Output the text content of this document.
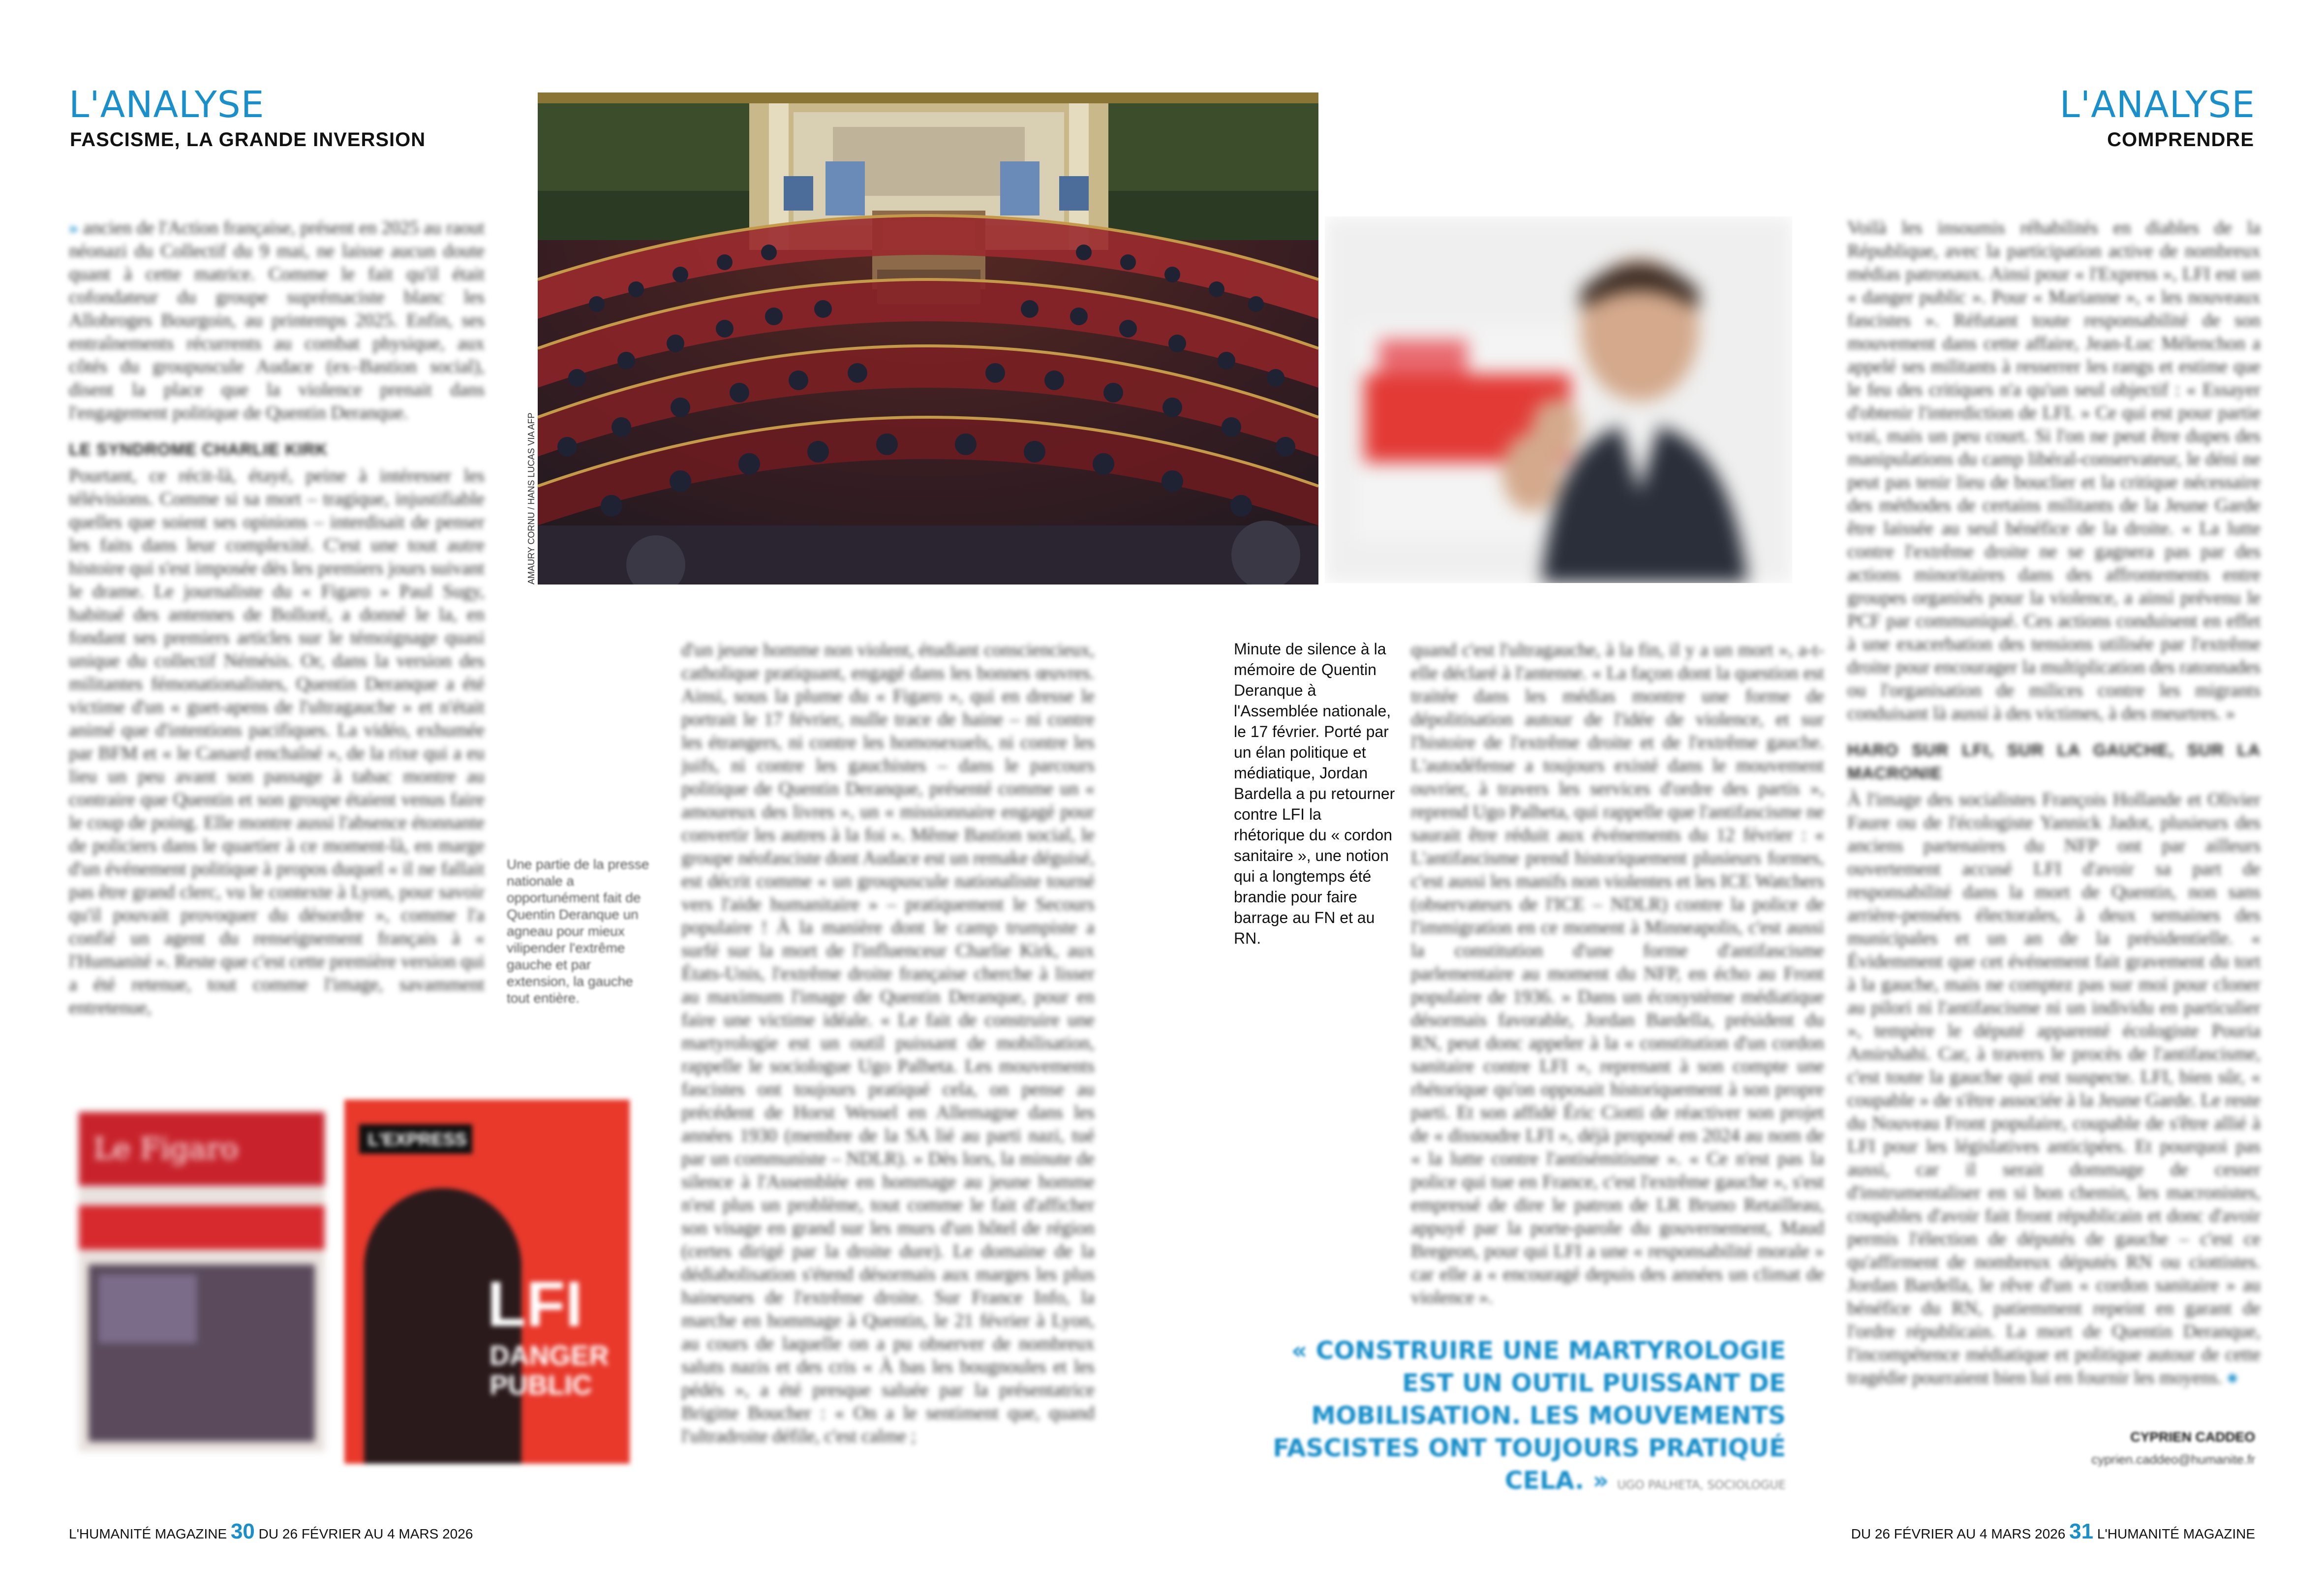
L'ANALYSE
FASCISME, LA GRANDE INVERSION

» ancien de l'Action française, présent en 2025 au raout néonazi du Collectif du 9 mai, ne laisse aucun doute quant à cette matrice. Comme le fait qu'il était cofondateur du groupe suprémaciste blanc les Allobroges Bourgoin, au printemps 2025. Enfin, ses entraînements récurrents au combat physique, aux côtés du groupuscule Audace (ex–Bastion social), disent la place que la violence prenait dans l'engagement politique de Quentin Deranque.

LE SYNDROME CHARLIE KIRK

Pourtant, ce récit-là, étayé, peine à intéresser les télévisions. Comme si sa mort – tragique, injustifiable quelles que soient ses opinions – interdisait de penser les faits dans leur complexité. C'est une tout autre histoire qui s'est imposée dès les premiers jours suivant le drame. Le journaliste du « Figaro » Paul Sugy, habitué des antennes de Bolloré, a donné le la, en fondant ses premiers articles sur le témoignage quasi unique du collectif Némésis. Or, dans la version des militantes fémonationalistes, Quentin Deranque a été victime d'un « guet-apens de l'ultragauche » et n'était animé que d'intentions pacifiques. La vidéo, exhumée par BFM et « le Canard enchaîné », de la rixe qui a eu lieu un peu avant son passage à tabac montre au contraire que Quentin et son groupe étaient venus faire le coup de poing. Elle montre aussi l'absence étonnante de policiers dans le quartier à ce moment-là, en marge d'un événement politique à propos duquel « il ne fallait pas être grand clerc, vu le contexte à Lyon, pour savoir qu'il pouvait provoquer du désordre », comme l'a confié un agent du renseignement français à « l'Humanité ». Reste que c'est cette première version qui a été retenue, tout comme l'image, savamment entretenue,

AMAURY CORNU / HANS LUCAS VIA AFP
Une partie de la presse nationale a opportunément fait de Quentin Deranque un agneau pour mieux vilipender l'extrême gauche et par extension, la gauche tout entière.

d'un jeune homme non violent, étudiant consciencieux, catholique pratiquant, engagé dans les bonnes œuvres. Ainsi, sous la plume du « Figaro », qui en dresse le portrait le 17 février, nulle trace de haine – ni contre les étrangers, ni contre les homosexuels, ni contre les juifs, ni contre les gauchistes – dans le parcours politique de Quentin Deranque, présenté comme un « amoureux des livres », un « missionnaire engagé pour convertir les autres à la foi ». Même Bastion social, le groupe néofasciste dont Audace est un remake déguisé, est décrit comme « un groupuscule nationaliste tourné vers l'aide humanitaire » – pratiquement le Secours populaire ! À la manière dont le camp trumpiste a surfé sur la mort de l'influenceur Charlie Kirk, aux États-Unis, l'extrême droite française cherche à lisser au maximum l'image de Quentin Deranque, pour en faire une victime idéale. « Le fait de construire une martyrologie est un outil puissant de mobilisation, rappelle le sociologue Ugo Palheta. Les mouvements fascistes ont toujours pratiqué cela, on pense au précédent de Horst Wessel en Allemagne dans les années 1930 (membre de la SA lié au parti nazi, tué par un communiste – NDLR). » Dès lors, la minute de silence à l'Assemblée en hommage au jeune homme n'est plus un problème, tout comme le fait d'afficher son visage en grand sur les murs d'un hôtel de région (certes dirigé par la droite dure). Le domaine de la dédiabolisation s'étend désormais aux marges les plus haineuses de l'extrême droite. Sur France Info, la marche en hommage à Quentin, le 21 février à Lyon, au cours de laquelle on a pu observer de nombreux saluts nazis et des cris « À bas les bougnoules et les pédés », a été presque saluée par la présentatrice Brigitte Boucher : « On a le sentiment que, quand l'ultradroite défile, c'est calme ;

Le Figaro	L'EXPRESS
LFI
DANGER PUBLIC
L'HUMANITÉ MAGAZINE 30 DU 26 FÉVRIER AU 4 MARS 2026
L'ANALYSE
COMPRENDRE
Minute de silence à la mémoire de Quentin Deranque à l'Assemblée nationale, le 17 février. Porté par un élan politique et médiatique, Jordan Bardella a pu retourner contre LFI la rhétorique du « cordon sanitaire », une notion qui a longtemps été brandie pour faire barrage au FN et au RN.

quand c'est l'ultragauche, à la fin, il y a un mort », a-t-elle déclaré à l'antenne. « La façon dont la question est traitée dans les médias montre une forme de dépolitisation autour de l'idée de violence, et sur l'histoire de l'extrême droite et de l'extrême gauche. L'autodéfense a toujours existé dans le mouvement ouvrier, à travers les services d'ordre des partis », reprend Ugo Palheta, qui rappelle que l'antifascisme ne saurait être réduit aux événements du 12 février : « L'antifascisme prend historiquement plusieurs formes, c'est aussi les manifs non violentes et les ICE Watchers (observateurs de l'ICE – NDLR) contre la police de l'immigration en ce moment à Minneapolis, c'est aussi la constitution d'une forme d'antifascisme parlementaire au moment du NFP, en écho au Front populaire de 1936. » Dans un écosystème médiatique désormais favorable, Jordan Bardella, président du RN, peut donc appeler à la « constitution d'un cordon sanitaire contre LFI », reprenant à son compte une rhétorique qu'on opposait historiquement à son propre parti. Et son affidé Éric Ciotti de réactiver son projet de « dissoudre LFI », déjà proposé en 2024 au nom de « la lutte contre l'antisémitisme ». « Ce n'est pas la police qui tue en France, c'est l'extrême gauche », s'est empressé de dire le patron de LR Bruno Retailleau, appuyé par la porte-parole du gouvernement, Maud Bregeon, pour qui LFI a une « responsabilité morale » car elle a « encouragé depuis des années un climat de violence ».

« CONSTRUIRE UNE MARTYROLOGIE EST UN OUTIL PUISSANT DE MOBILISATION. LES MOUVEMENTS FASCISTES ONT TOUJOURS PRATIQUÉ CELA. » UGO PALHETA, SOCIOLOGUE

Voilà les insoumis réhabilités en diables de la République, avec la participation active de nombreux médias patronaux. Ainsi pour « l'Express », LFI est un « danger public ». Pour « Marianne », « les nouveaux fascistes ». Réfutant toute responsabilité de son mouvement dans cette affaire, Jean-Luc Mélenchon a appelé ses militants à resserrer les rangs et estime que le feu des critiques n'a qu'un seul objectif : « Essayer d'obtenir l'interdiction de LFI. » Ce qui est pour partie vrai, mais un peu court. Si l'on ne peut être dupes des manipulations du camp libéral-conservateur, le déni ne peut pas tenir lieu de bouclier et la critique nécessaire des méthodes de certains militants de la Jeune Garde être laissée au seul bénéfice de la droite. « La lutte contre l'extrême droite ne se gagnera pas par des actions minoritaires dans des affrontements entre groupes organisés pour la violence, a ainsi prévenu le PCF par communiqué. Ces actions conduisent en effet à une exacerbation des tensions utilisée par l'extrême droite pour encourager la multiplication des ratonnades ou l'organisation de milices contre les migrants conduisant là aussi à des victimes, à des meurtres. »

HARO SUR LFI, SUR LA GAUCHE, SUR LA MACRONIE

À l'image des socialistes François Hollande et Olivier Faure ou de l'écologiste Yannick Jadot, plusieurs des anciens partenaires du NFP ont par ailleurs ouvertement accusé LFI d'avoir sa part de responsabilité dans la mort de Quentin, non sans arrière-pensées électorales, à deux semaines des municipales et un an de la présidentielle. « Évidemment que cet événement fait gravement du tort à la gauche, mais ne comptez pas sur moi pour cloner au pilori ni l'antifascisme ni un individu en particulier », tempère le député apparenté écologiste Pouria Amirshahi. Car, à travers le procès de l'antifascisme, c'est toute la gauche qui est suspecte. LFI, bien sûr, « coupable » de s'être associée à la Jeune Garde. Le reste du Nouveau Front populaire, coupable de s'être allié à LFI pour les législatives anticipées. Et pourquoi pas aussi, car il serait dommage de cesser d'instrumentaliser en si bon chemin, les macronistes, coupables d'avoir fait front républicain et donc d'avoir permis l'élection de députés de gauche – c'est ce qu'affirment de nombreux députés RN ou ciottistes. Jordan Bardella, le rêve d'un « cordon sanitaire » au bénéfice du RN, patiemment repeint en garant de l'ordre républicain. La mort de Quentin Deranque, l'incompétence médiatique et politique autour de cette tragédie pourraient bien lui en fournir les moyens. ●

CYPRIEN CADDEO
cyprien.caddeo@humanite.fr
DU 26 FÉVRIER AU 4 MARS 2026 31 L'HUMANITÉ MAGAZINE
